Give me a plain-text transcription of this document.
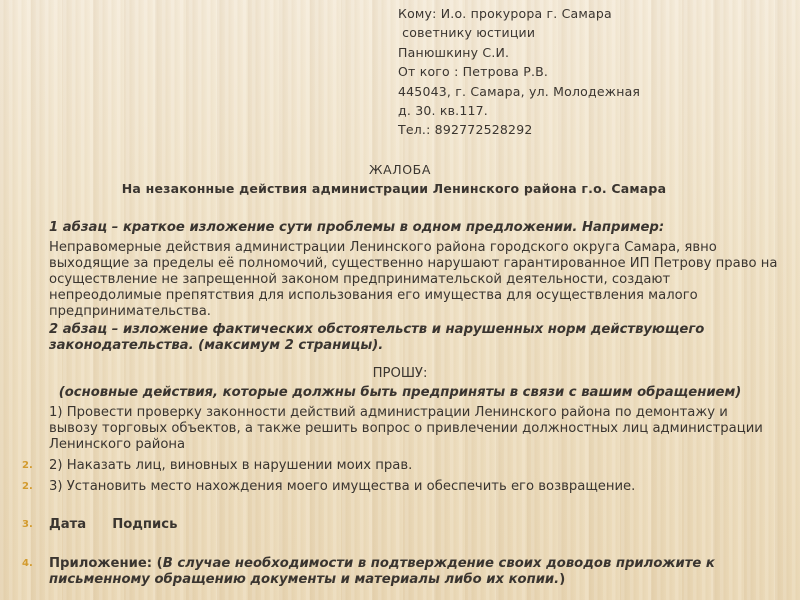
Кому: И.о. прокурора г. Самара
советнику юстиции
Панюшкину С.И.
От кого : Петрова Р.В.
445043, г. Самара, ул. Молодежная
д. 30. кв.117.
Тел.: 892772528292
ЖАЛОБА
На незаконные действия администрации Ленинского района г.о. Самара

1 абзац – краткое изложение сути проблемы в одном предложении. Например:

Неправомерные действия администрации Ленинского района городского округа Самара, явно выходящие за пределы её полномочий, существенно нарушают гарантированное ИП Петрову право на осуществление не запрещенной законом предпринимательской деятельности, создают непреодолимые препятствия для использования его имущества для осуществления малого предпринимательства.

2 абзац – изложение фактических обстоятельств и нарушенных норм действующего законодательства. (максимум 2 страницы).

ПРОШУ:
(основные действия, которые должны быть предприняты в связи с вашим обращением)
1) Провести проверку законности действий администрации Ленинского района по демонтажу и вывозу торговых объектов, а также решить вопрос о привлечении должностных лиц администрации Ленинского района
2.	2) Наказать лиц, виновных в нарушении моих прав.
2.	3) Установить место нахождения моего имущества и обеспечить его возвращение.
3.	Дата Подпись
4.	Приложение: (В случае необходимости в подтверждение своих доводов приложите к письменному обращению документы и материалы либо их копии.)
